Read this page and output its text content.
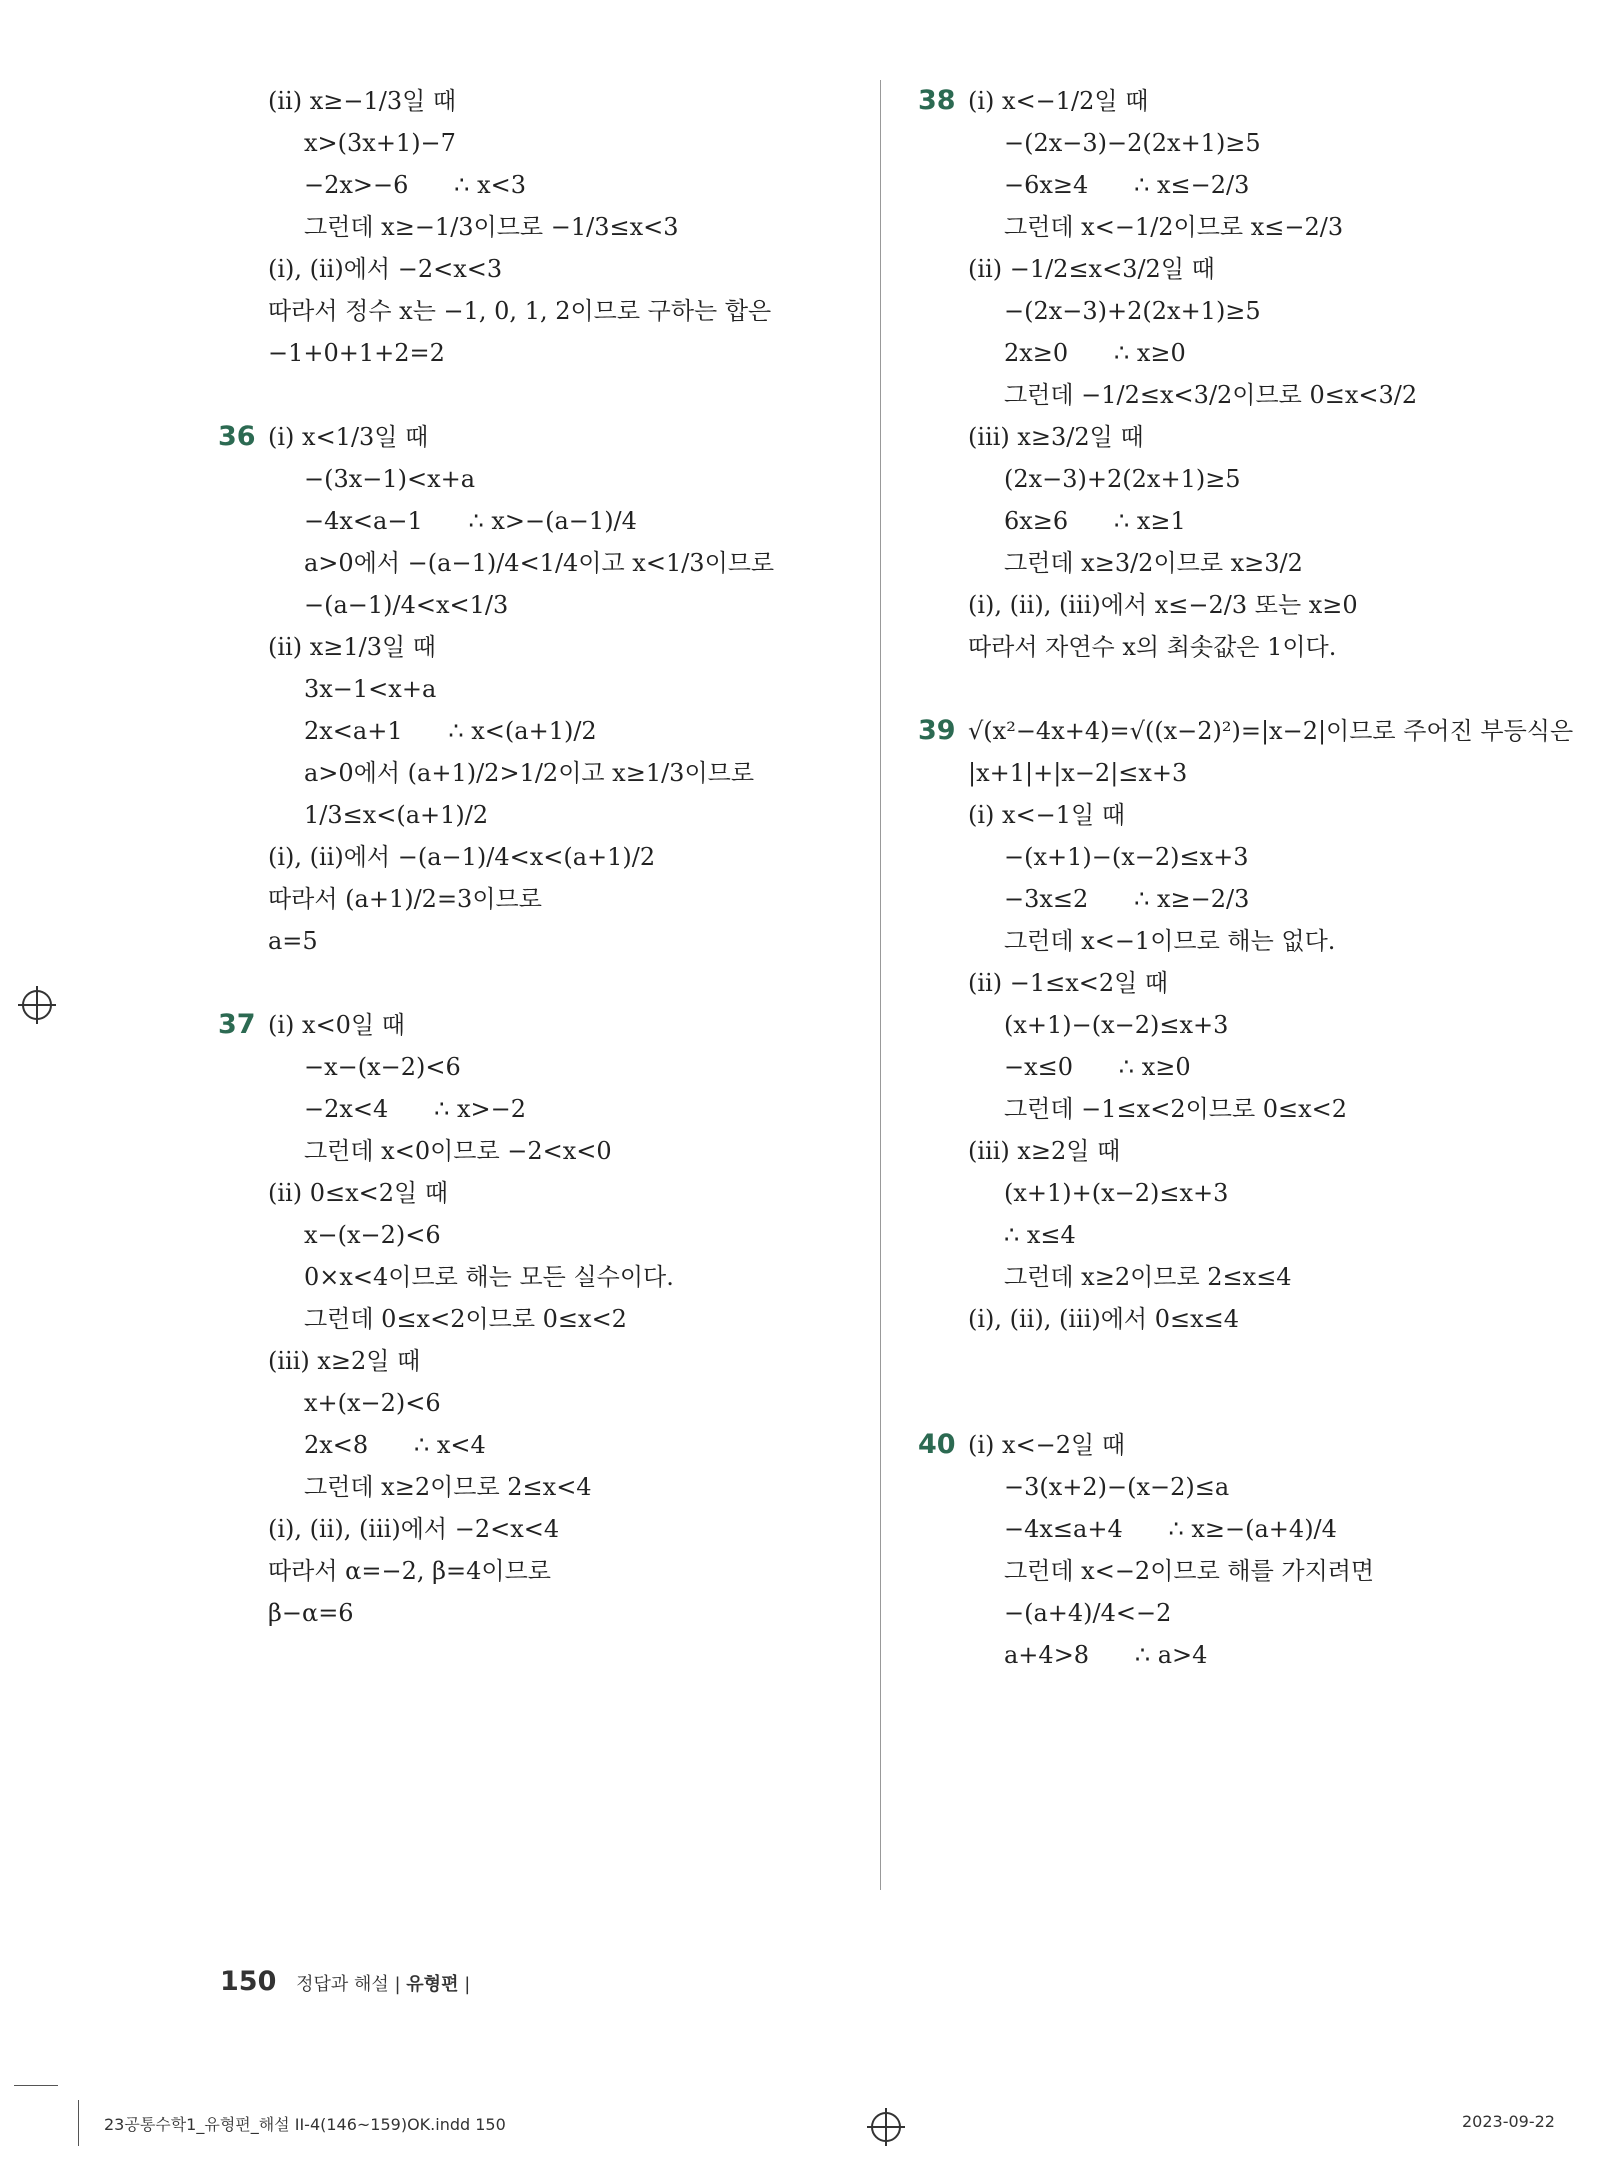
(ⅱ) x≥−1/3일 때
x>(3x+1)−7
−2x>−6      ∴ x<3
그런데 x≥−1/3이므로 −1/3≤x<3
(ⅰ), (ⅱ)에서 −2<x<3
따라서 정수 x는 −1, 0, 1, 2이므로 구하는 합은
−1+0+1+2=2
36 (ⅰ) x<1/3일 때
−(3x−1)<x+a
−4x<a−1      ∴ x>−(a−1)/4
a>0에서 −(a−1)/4<1/4이고 x<1/3이므로
−(a−1)/4<x<1/3
(ⅱ) x≥1/3일 때
3x−1<x+a
2x<a+1      ∴ x<(a+1)/2
a>0에서 (a+1)/2>1/2이고 x≥1/3이므로
1/3≤x<(a+1)/2
(ⅰ), (ⅱ)에서 −(a−1)/4<x<(a+1)/2
따라서 (a+1)/2=3이므로
a=5
37 (ⅰ) x<0일 때
−x−(x−2)<6
−2x<4      ∴ x>−2
그런데 x<0이므로 −2<x<0
(ⅱ) 0≤x<2일 때
x−(x−2)<6
0×x<4이므로 해는 모든 실수이다.
그런데 0≤x<2이므로 0≤x<2
(ⅲ) x≥2일 때
x+(x−2)<6
2x<8      ∴ x<4
그런데 x≥2이므로 2≤x<4
(ⅰ), (ⅱ), (ⅲ)에서 −2<x<4
따라서 α=−2, β=4이므로
β−α=6
38 (ⅰ) x<−1/2일 때
−(2x−3)−2(2x+1)≥5
−6x≥4      ∴ x≤−2/3
그런데 x<−1/2이므로 x≤−2/3
(ⅱ) −1/2≤x<3/2일 때
−(2x−3)+2(2x+1)≥5
2x≥0      ∴ x≥0
그런데 −1/2≤x<3/2이므로 0≤x<3/2
(ⅲ) x≥3/2일 때
(2x−3)+2(2x+1)≥5
6x≥6      ∴ x≥1
그런데 x≥3/2이므로 x≥3/2
(ⅰ), (ⅱ), (ⅲ)에서 x≤−2/3 또는 x≥0
따라서 자연수 x의 최솟값은 1이다.
39 √(x²−4x+4)=√((x−2)²)=|x−2|이므로 주어진 부등식은
|x+1|+|x−2|≤x+3
(ⅰ) x<−1일 때
−(x+1)−(x−2)≤x+3
−3x≤2      ∴ x≥−2/3
그런데 x<−1이므로 해는 없다.
(ⅱ) −1≤x<2일 때
(x+1)−(x−2)≤x+3
−x≤0      ∴ x≥0
그런데 −1≤x<2이므로 0≤x<2
(ⅲ) x≥2일 때
(x+1)+(x−2)≤x+3
∴ x≤4
그런데 x≥2이므로 2≤x≤4
(ⅰ), (ⅱ), (ⅲ)에서 0≤x≤4
40 (ⅰ) x<−2일 때
−3(x+2)−(x−2)≤a
−4x≤a+4      ∴ x≥−(a+4)/4
그런데 x<−2이므로 해를 가지려면
−(a+4)/4<−2
a+4>8      ∴ a>4
150 정답과 해설 | 유형편 |
23공통수학1_유형편_해설 II-4(146~159)OK.indd 150	2023-09-22
